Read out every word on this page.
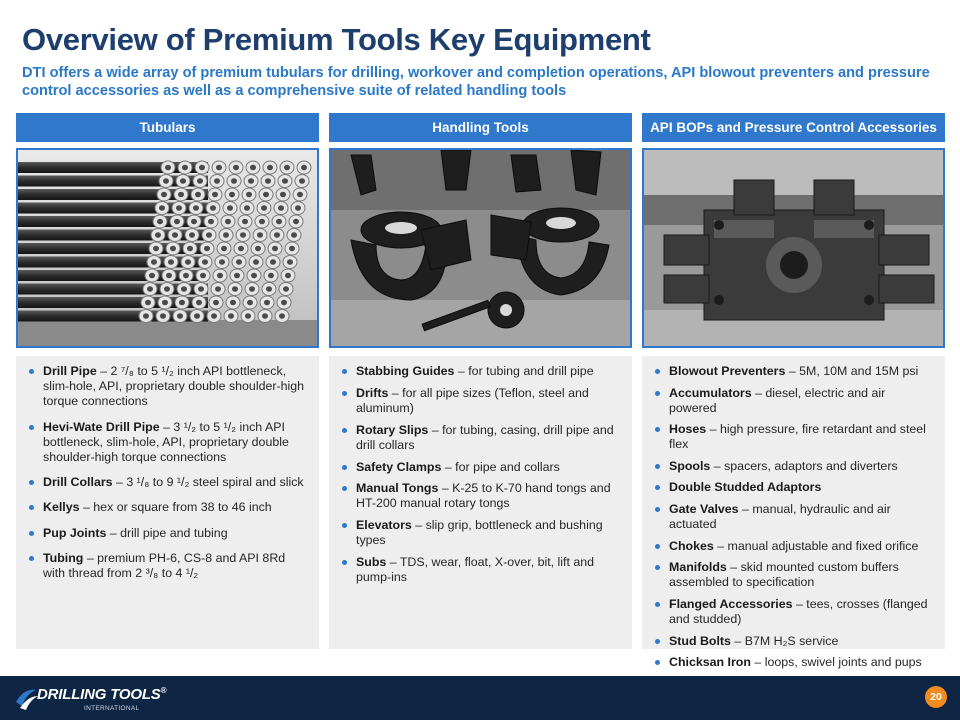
Overview of Premium Tools Key Equipment
DTI offers a wide array of premium tubulars for drilling, workover and completion operations, API blowout preventers and pressure control accessories as well as a comprehensive suite of related handling tools
Tubulars	Handling Tools	API BOPs and Pressure Control Accessories
Drill Pipe – 2 ⁷/₈ to 5 ¹/₂ inch API bottleneck, slim-hole, API, proprietary double shoulder-high torque connections
Hevi-Wate Drill Pipe – 3 ¹/₂ to 5 ¹/₂ inch API bottleneck, slim-hole, API, proprietary double shoulder-high torque connections
Drill Collars – 3 ¹/₈ to 9 ¹/₂ steel spiral and slick
Kellys – hex or square from 38 to 46 inch
Pup Joints – drill pipe and tubing
Tubing – premium PH-6, CS-8 and API 8Rd with thread from 2 ³/₈ to 4 ¹/₂
Stabbing Guides – for tubing and drill pipe
Drifts – for all pipe sizes (Teflon, steel and aluminum)
Rotary Slips – for tubing, casing, drill pipe and drill collars
Safety Clamps – for pipe and collars
Manual Tongs – K-25 to K-70 hand tongs and HT-200 manual rotary tongs
Elevators – slip grip, bottleneck and bushing types
Subs – TDS, wear, float, X-over, bit, lift and pump-ins
Blowout Preventers – 5M, 10M and 15M psi
Accumulators – diesel, electric and air powered
Hoses – high pressure, fire retardant and steel flex
Spools – spacers, adaptors and diverters
Double Studded Adaptors
Gate Valves – manual, hydraulic and air actuated
Chokes – manual adjustable and fixed orifice
Manifolds – skid mounted custom buffers assembled to specification
Flanged Accessories – tees, crosses (flanged and studded)
Stud Bolts – B7M H₂S service
Chicksan Iron – loops, swivel joints and pups
DRILLING TOOLS®
INTERNATIONAL
20
